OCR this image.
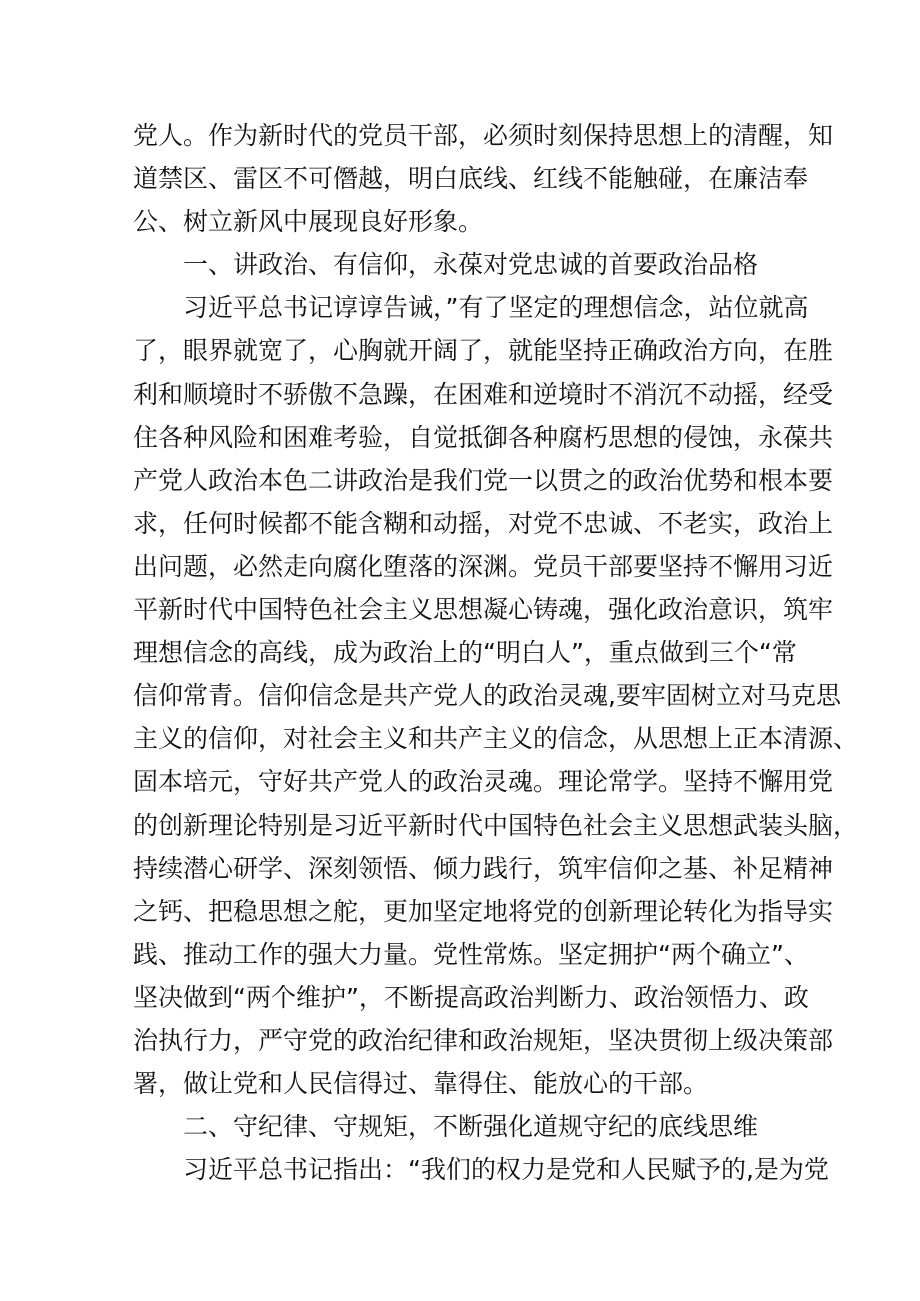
党人。作为新时代的党员干部，必须时刻保持思想上的清醒，知
道禁区、雷区不可僭越，明白底线、红线不能触碰，在廉洁奉
公、树立新风中展现良好形象。
一、讲政治、有信仰，永葆对党忠诚的首要政治品格
习近平总书记谆谆告诫，”有了坚定的理想信念，站位就高
了，眼界就宽了，心胸就开阔了，就能坚持正确政治方向，在胜
利和顺境时不骄傲不急躁，在困难和逆境时不消沉不动摇，经受
住各种风险和困难考验，自觉抵御各种腐朽思想的侵蚀，永葆共
产党人政治本色二讲政治是我们党一以贯之的政治优势和根本要
求，任何时候都不能含糊和动摇，对党不忠诚、不老实，政治上
出问题，必然走向腐化堕落的深渊。党员干部要坚持不懈用习近
平新时代中国特色社会主义思想凝心铸魂，强化政治意识，筑牢
理想信念的高线，成为政治上的“明白人”，重点做到三个“常
信仰常青。信仰信念是共产党人的政治灵魂,要牢固树立对马克思
主义的信仰，对社会主义和共产主义的信念，从思想上正本清源、
固本培元，守好共产党人的政治灵魂。理论常学。坚持不懈用党
的创新理论特别是习近平新时代中国特色社会主义思想武装头脑，
持续潜心研学、深刻领悟、倾力践行，筑牢信仰之基、补足精神
之钙、把稳思想之舵，更加坚定地将党的创新理论转化为指导实
践、推动工作的强大力量。党性常炼。坚定拥护“两个确立”、
坚决做到“两个维护”，不断提高政治判断力、政治领悟力、政
治执行力，严守党的政治纪律和政治规矩，坚决贯彻上级决策部
署，做让党和人民信得过、靠得住、能放心的干部。
二、守纪律、守规矩，不断强化道规守纪的底线思维
习近平总书记指出：“我们的权力是党和人民赋予的,是为党
